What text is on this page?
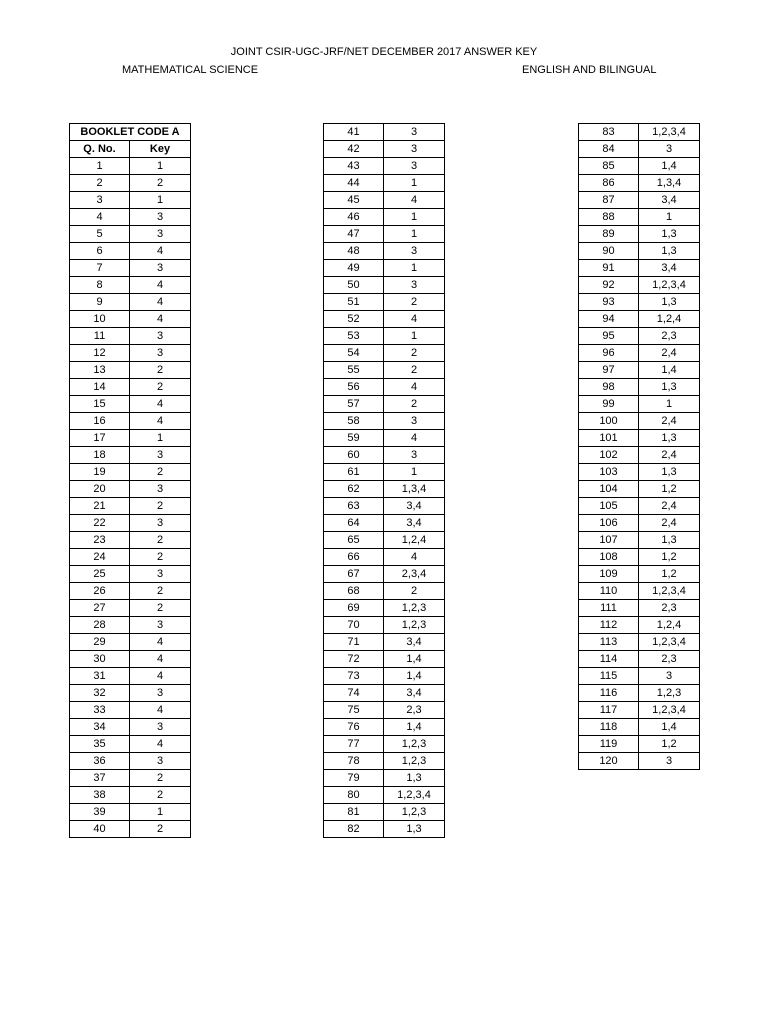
JOINT CSIR-UGC-JRF/NET DECEMBER 2017 ANSWER KEY
MATHEMATICAL SCIENCE	ENGLISH AND BILINGUAL
BOOKLET CODE A	
Q. No.	Key
1	1
2	2
3	1
4	3
5	3
6	4
7	3
8	4
9	4
10	4
11	3
12	3
13	2
14	2
15	4
16	4
17	1
18	3
19	2
20	3
21	2
22	3
23	2
24	2
25	3
26	2
27	2
28	3
29	4
30	4
31	4
32	3
33	4
34	3
35	4
36	3
37	2
38	2
39	1
40	2
41	3
42	3
43	3
44	1
45	4
46	1
47	1
48	3
49	1
50	3
51	2
52	4
53	1
54	2
55	2
56	4
57	2
58	3
59	4
60	3
61	1
62	1,3,4
63	3,4
64	3,4
65	1,2,4
66	4
67	2,3,4
68	2
69	1,2,3
70	1,2,3
71	3,4
72	1,4
73	1,4
74	3,4
75	2,3
76	1,4
77	1,2,3
78	1,2,3
79	1,3
80	1,2,3,4
81	1,2,3
82	1,3
83	1,2,3,4
84	3
85	1,4
86	1,3,4
87	3,4
88	1
89	1,3
90	1,3
91	3,4
92	1,2,3,4
93	1,3
94	1,2,4
95	2,3
96	2,4
97	1,4
98	1,3
99	1
100	2,4
101	1,3
102	2,4
103	1,3
104	1,2
105	2,4
106	2,4
107	1,3
108	1,2
109	1,2
110	1,2,3,4
111	2,3
112	1,2,4
113	1,2,3,4
114	2,3
115	3
116	1,2,3
117	1,2,3,4
118	1,4
119	1,2
120	3
